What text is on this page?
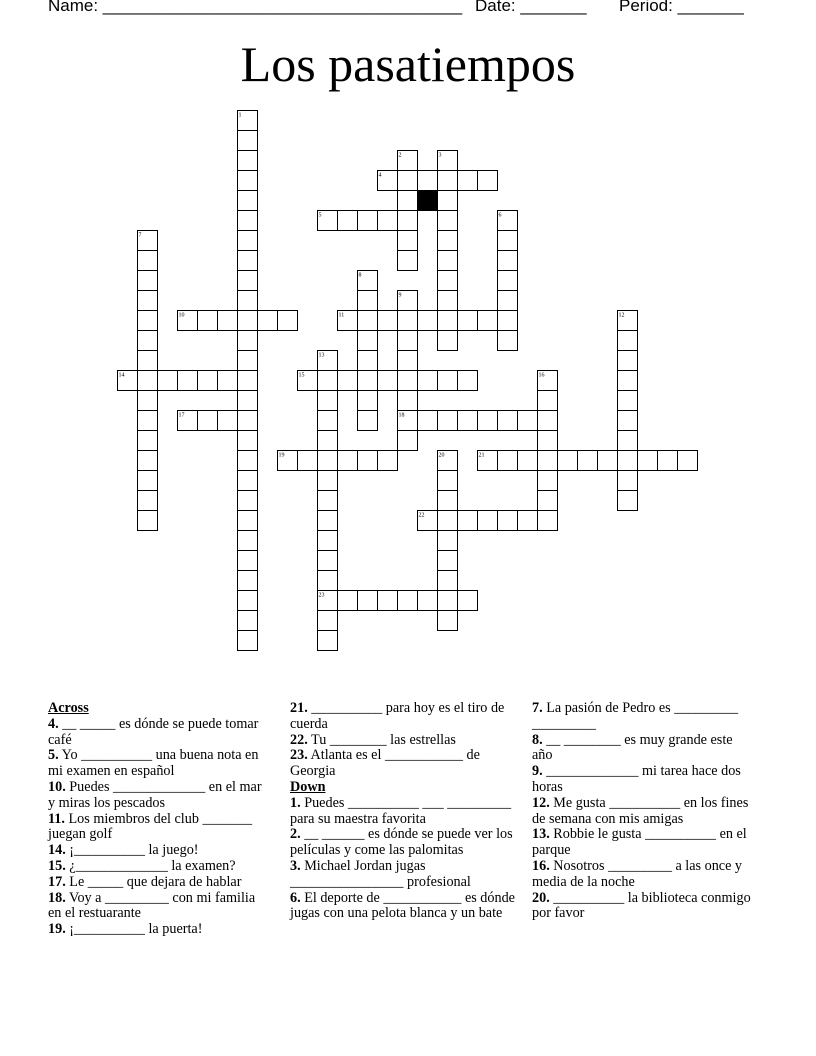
Name: ______________________________________

Date: _______

Period: _______

Los pasatiempos
1
2	3
4
5	6
7
8
9
10	11	12
13
14	15	16
17	18
19	20	21
22
23
Across
4. __ _____ es dónde se puede tomar café
5. Yo __________ una buena nota en mi examen en español
10. Puedes _____________ en el mar y miras los pescados
11. Los miembros del club _______ juegan golf
14. ¡__________ la juego!
15. ¿_____________ la examen?
17. Le _____ que dejara de hablar
18. Voy a _________ con mi familia en el restuarante
19. ¡__________ la puerta!
21. __________ para hoy es el tiro de cuerda
22. Tu ________ las estrellas
23. Atlanta es el ___________ de Georgia
Down
1. Puedes __________ ___ _________ para su maestra favorita
2. __ ______ es dónde se puede ver los películas y come las palomitas
3. Michael Jordan jugas ________________ profesional
6. El deporte de ___________ es dónde jugas con una pelota blanca y un bate
7. La pasión de Pedro es _________ _________
8. __ ________ es muy grande este año
9. _____________ mi tarea hace dos horas
12. Me gusta __________ en los fines de semana con mis amigas
13. Robbie le gusta __________ en el parque
16. Nosotros _________ a las once y media de la noche
20. __________ la biblioteca conmigo por favor
